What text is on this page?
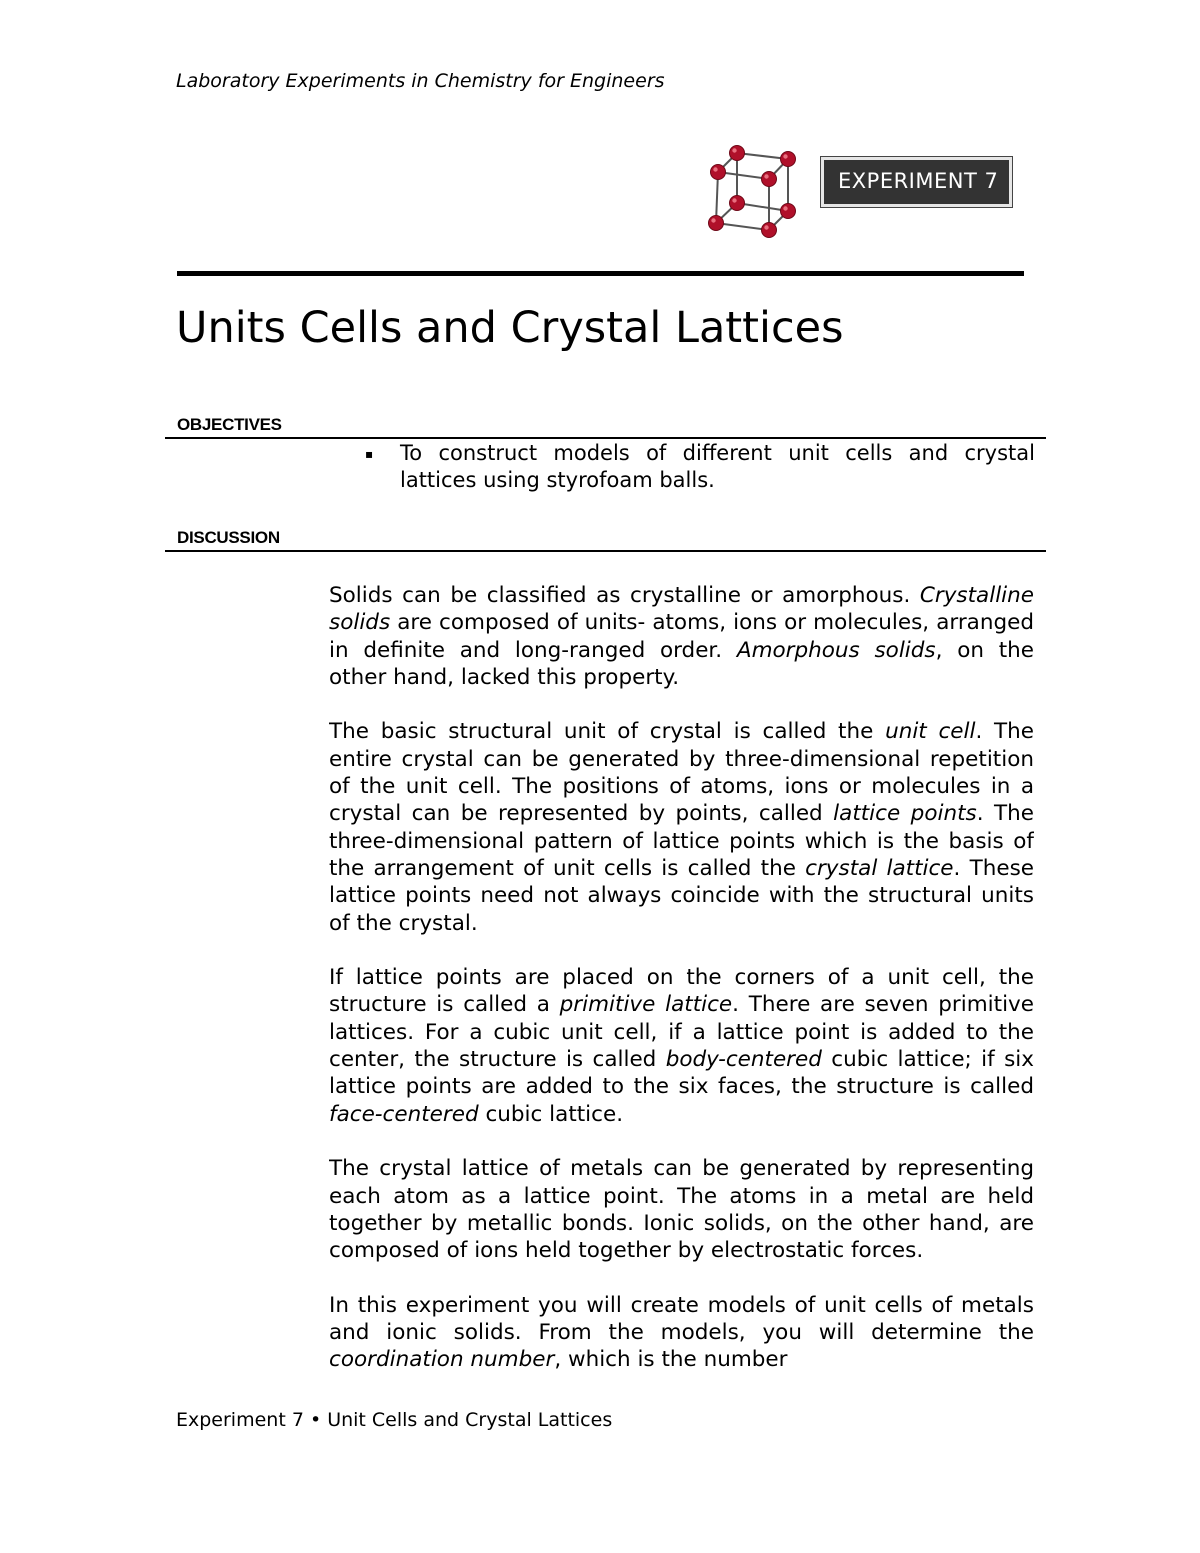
Laboratory Experiments in Chemistry for Engineers
EXPERIMENT 7
Units Cells and Crystal Lattices
OBJECTIVES
▪ To construct models of different unit cells and crystal lattices using styrofoam balls.
DISCUSSION

Solids can be classified as crystalline or amorphous. Crystalline solids are composed of units- atoms, ions or molecules, arranged in definite and long-ranged order. Amorphous solids, on the other hand, lacked this property.

The basic structural unit of crystal is called the unit cell. The entire crystal can be generated by three-dimensional repetition of the unit cell. The positions of atoms, ions or molecules in a crystal can be represented by points, called lattice points. The three-dimensional pattern of lattice points which is the basis of the arrangement of unit cells is called the crystal lattice. These lattice points need not always coincide with the structural units of the crystal.

If lattice points are placed on the corners of a unit cell, the structure is called a primitive lattice. There are seven primitive lattices. For a cubic unit cell, if a lattice point is added to the center, the structure is called body-centered cubic lattice; if six lattice points are added to the six faces, the structure is called face-centered cubic lattice.

The crystal lattice of metals can be generated by representing each atom as a lattice point. The atoms in a metal are held together by metallic bonds. Ionic solids, on the other hand, are composed of ions held together by electrostatic forces.

In this experiment you will create models of unit cells of metals and ionic solids. From the models, you will determine the coordination number, which is the number

Experiment 7 • Unit Cells and Crystal Lattices
